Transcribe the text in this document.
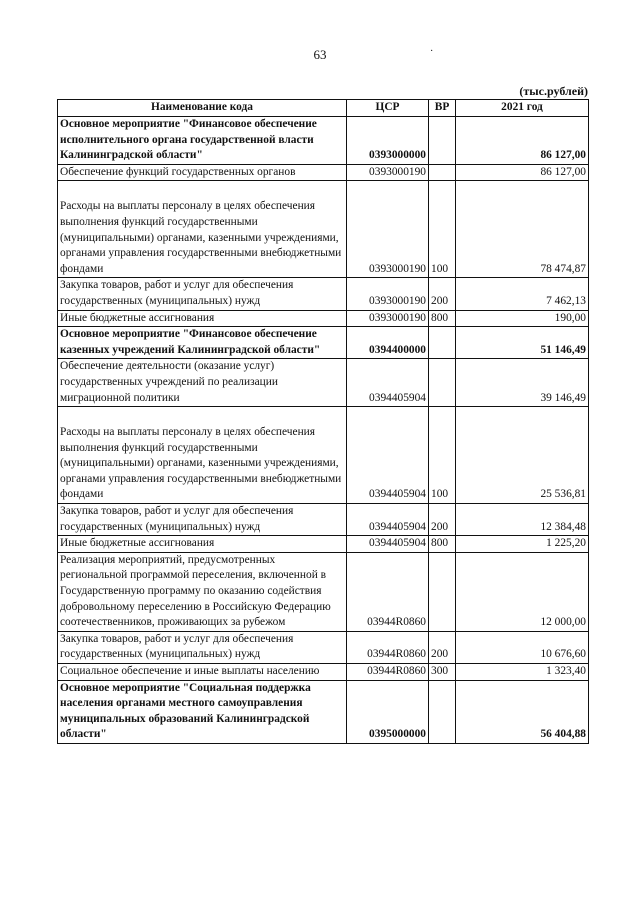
63	·
(тыс.рублей)
Наименование кода	ЦСР	ВР	2021 год
Основное мероприятие "Финансовое обеспечение исполнительного органа государственной власти Калининградской области"	0393000000		86 127,00
Обеспечение функций государственных органов	0393000190		86 127,00

Расходы на выплаты персоналу в целях обеспечения выполнения функций государственными (муниципальными) органами, казенными учреждениями, органами управления государственными внебюджетными фондами	0393000190	100	78 474,87
Закупка товаров, работ и услуг для обеспечения государственных (муниципальных) нужд	0393000190	200	7 462,13
Иные бюджетные ассигнования	0393000190	800	190,00
Основное мероприятие "Финансовое обеспечение казенных учреждений Калининградской области"	0394400000		51 146,49
Обеспечение деятельности (оказание услуг) государственных учреждений по реализации миграционной политики	0394405904		39 146,49

Расходы на выплаты персоналу в целях обеспечения выполнения функций государственными (муниципальными) органами, казенными учреждениями, органами управления государственными внебюджетными фондами	0394405904	100	25 536,81
Закупка товаров, работ и услуг для обеспечения государственных (муниципальных) нужд	0394405904	200	12 384,48
Иные бюджетные ассигнования	0394405904	800	1 225,20
Реализация мероприятий, предусмотренных региональной программой переселения, включенной в Государственную программу по оказанию содействия добровольному переселению в Российскую Федерацию соотечественников, проживающих за рубежом	03944R0860		12 000,00
Закупка товаров, работ и услуг для обеспечения государственных (муниципальных) нужд	03944R0860	200	10 676,60
Социальное обеспечение и иные выплаты населению	03944R0860	300	1 323,40
Основное мероприятие "Социальная поддержка населения органами местного самоуправления муниципальных образований Калининградской области"	0395000000		56 404,88
